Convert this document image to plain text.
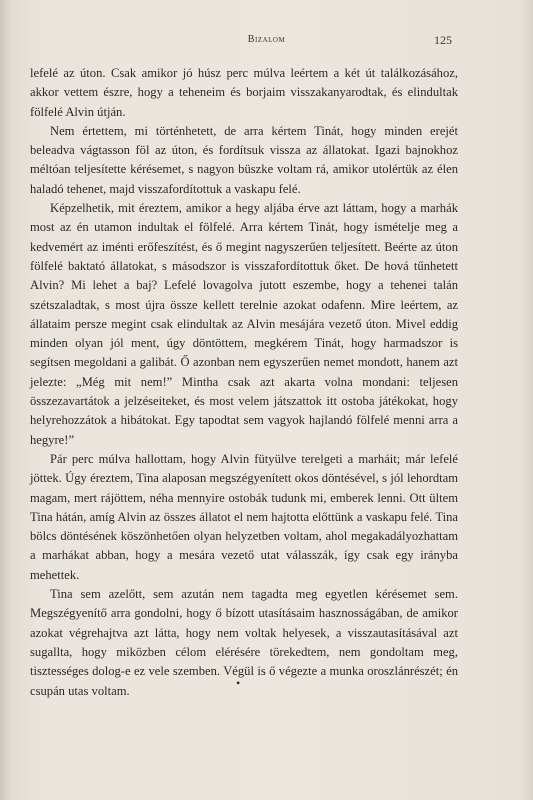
Bizalom	125

lefelé az úton. Csak amikor jó húsz perc múlva leértem a két út találkozásához, akkor vettem észre, hogy a teheneim és borjaim visszakanyarodtak, és elindultak fölfelé Alvin útján.

Nem értettem, mi történhetett, de arra kértem Tinát, hogy minden erejét beleadva vágtasson föl az úton, és fordítsuk vissza az állatokat. Igazi bajnokhoz méltóan teljesítette kérésemet, s nagyon büszke voltam rá, amikor utolértük az élen haladó tehenet, majd visszafordítottuk a vaskapu felé.

Képzelhetik, mit éreztem, amikor a hegy aljába érve azt láttam, hogy a marhák most az én utamon indultak el fölfelé. Arra kértem Tinát, hogy ismételje meg a kedvemért az iménti erőfeszítést, és ő megint nagyszerűen teljesített. Beérte az úton fölfelé baktató állatokat, s másodszor is visszafordítottuk őket. De hová tűnhetett Alvin? Mi lehet a baj? Lefelé lovagolva jutott eszembe, hogy a tehenei talán szétszaladtak, s most újra össze kellett terelnie azokat odafenn. Mire leértem, az állataim persze megint csak elindultak az Alvin mesájára vezető úton. Mivel eddig minden olyan jól ment, úgy döntöttem, megkérem Tinát, hogy harmadszor is segítsen megoldani a galibát. Ő azonban nem egyszerűen nemet mondott, hanem azt jelezte: „Még mit nem!” Mintha csak azt akarta volna mondani: teljesen összezavartátok a jelzéseiteket, és most velem játszattok itt ostoba játékokat, hogy helyrehozzátok a hibátokat. Egy tapodtat sem vagyok hajlandó fölfelé menni arra a hegyre!”

Pár perc múlva hallottam, hogy Alvin fütyülve terelgeti a marháit; már lefelé jöttek. Úgy éreztem, Tina alaposan megszégyenített okos döntésével, s jól lehordtam magam, mert rájöttem, néha mennyire ostobák tudunk mi, emberek lenni. Ott ültem Tina hátán, amíg Alvin az összes állatot el nem hajtotta előttünk a vaskapu felé. Tina bölcs döntésének köszönhetően olyan helyzetben voltam, ahol megakadályozhattam a marhákat abban, hogy a mesára vezető utat válasszák, így csak egy irányba mehettek.

Tina sem azelőtt, sem azután nem tagadta meg egyetlen kérésemet sem. Megszégyenítő arra gondolni, hogy ő bízott utasításaim hasznosságában, de amikor azokat végrehajtva azt látta, hogy nem voltak helyesek, a visszautasításával azt sugallta, hogy miközben célom elérésére törekedtem, nem gondoltam meg, tisztességes dolog-e ez vele szemben. Végül is ő végezte a munka oroszlánrészét; én csupán utas voltam.

•
